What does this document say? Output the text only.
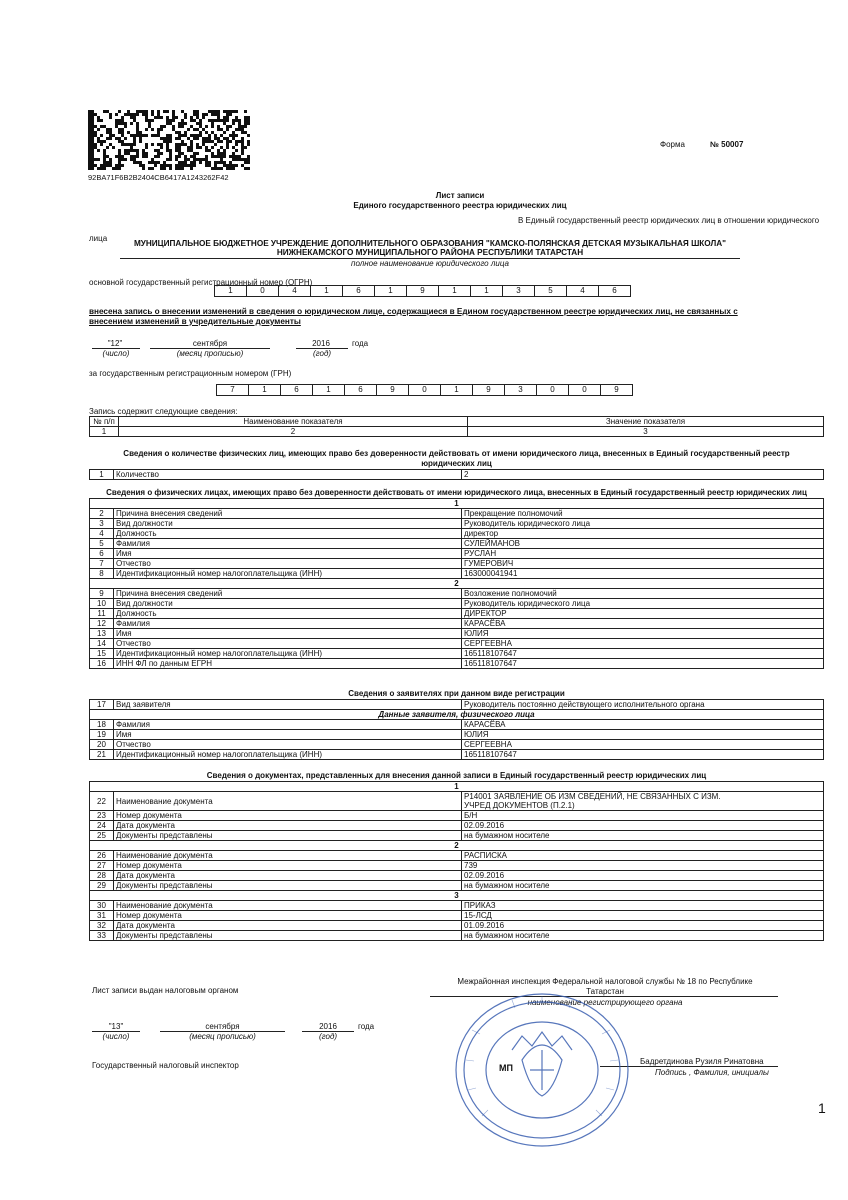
92BA71F6B2B2404CB6417A1243262F42
Форма	№ 50007
Лист записи
Единого государственного реестра юридических лиц
В Единый государственный реестр юридических лиц в отношении юридического
лица
МУНИЦИПАЛЬНОЕ БЮДЖЕТНОЕ УЧРЕЖДЕНИЕ ДОПОЛНИТЕЛЬНОГО ОБРАЗОВАНИЯ "КАМСКО-ПОЛЯНСКАЯ ДЕТСКАЯ МУЗЫКАЛЬНАЯ ШКОЛА"
НИЖНЕКАМСКОГО МУНИЦИПАЛЬНОГО РАЙОНА РЕСПУБЛИКИ ТАТАРСТАН
полное наименование юридического лица
основной государственный регистрационный номер (ОГРН)
1	0	4	1	6	1	9	1	1	3	5	4	6
внесена запись о внесении изменений в сведения о юридическом лице, содержащиеся в Едином государственном реестре юридических лиц, не связанных с
внесением изменений в учредительные документы
"12"	сентября	2016	года
(число)	(месяц прописью)	(год)
за государственным регистрационным номером (ГРН)
7	1	6	1	6	9	0	1	9	3	0	0	9
Запись содержит следующие сведения:
№ п/п	Наименование показателя	Значение показателя
1	2	3
Сведения о количестве физических лиц, имеющих право без доверенности действовать от имени юридического лица, внесенных в Единый государственный реестр
юридических лиц
1	Количество	2
Сведения о физических лицах, имеющих право без доверенности действовать от имени юридического лица, внесенных в Единый государственный реестр юридических лиц
1		
2	Причина внесения сведений	Прекращение полномочий
3	Вид должности	Руководитель юридического лица
4	Должность	директор
5	Фамилия	СУЛЕЙМАНОВ
6	Имя	РУСЛАН
7	Отчество	ГУМЕРОВИЧ
8	Идентификационный номер налогоплательщика (ИНН)	163000041941
2		
9	Причина внесения сведений	Возложение полномочий
10	Вид должности	Руководитель юридического лица
11	Должность	ДИРЕКТОР
12	Фамилия	КАРАСЁВА
13	Имя	ЮЛИЯ
14	Отчество	СЕРГЕЕВНА
15	Идентификационный номер налогоплательщика (ИНН)	165118107647
16	ИНН ФЛ по данным ЕГРН	165118107647
Сведения о заявителях при данном виде регистрации
17	Вид заявителя	Руководитель постоянно действующего исполнительного органа
Данные заявителя, физического лица		
18	Фамилия	КАРАСЁВА
19	Имя	ЮЛИЯ
20	Отчество	СЕРГЕЕВНА
21	Идентификационный номер налогоплательщика (ИНН)	165118107647
Сведения о документах, представленных для внесения данной записи в Единый государственный реестр юридических лиц
1		
22	Наименование документа	Р14001 ЗАЯВЛЕНИЕ ОБ ИЗМ СВЕДЕНИЙ, НЕ СВЯЗАННЫХ С ИЗМ.
УЧРЕД ДОКУМЕНТОВ (П.2.1)

23	Номер документа	Б/Н
24	Дата документа	02.09.2016
25	Документы представлены	на бумажном носителе
2		
26	Наименование документа	РАСПИСКА
27	Номер документа	739
28	Дата документа	02.09.2016
29	Документы представлены	на бумажном носителе
3		
30	Наименование документа	ПРИКАЗ
31	Номер документа	15-ЛСД
32	Дата документа	01.09.2016
33	Документы представлены	на бумажном носителе
Лист записи выдан налоговым органом
Межрайонная инспекция Федеральной налоговой службы № 18 по Республике
Татарстан
наименование регистрирующего органа
"13"	сентября	2016	года
(число)	(месяц прописью)	(год)
Государственный налоговый инспектор	Бадретдинова Рузиля Ринатовна
Подпись , Фамилия, инициалы
МП
1
